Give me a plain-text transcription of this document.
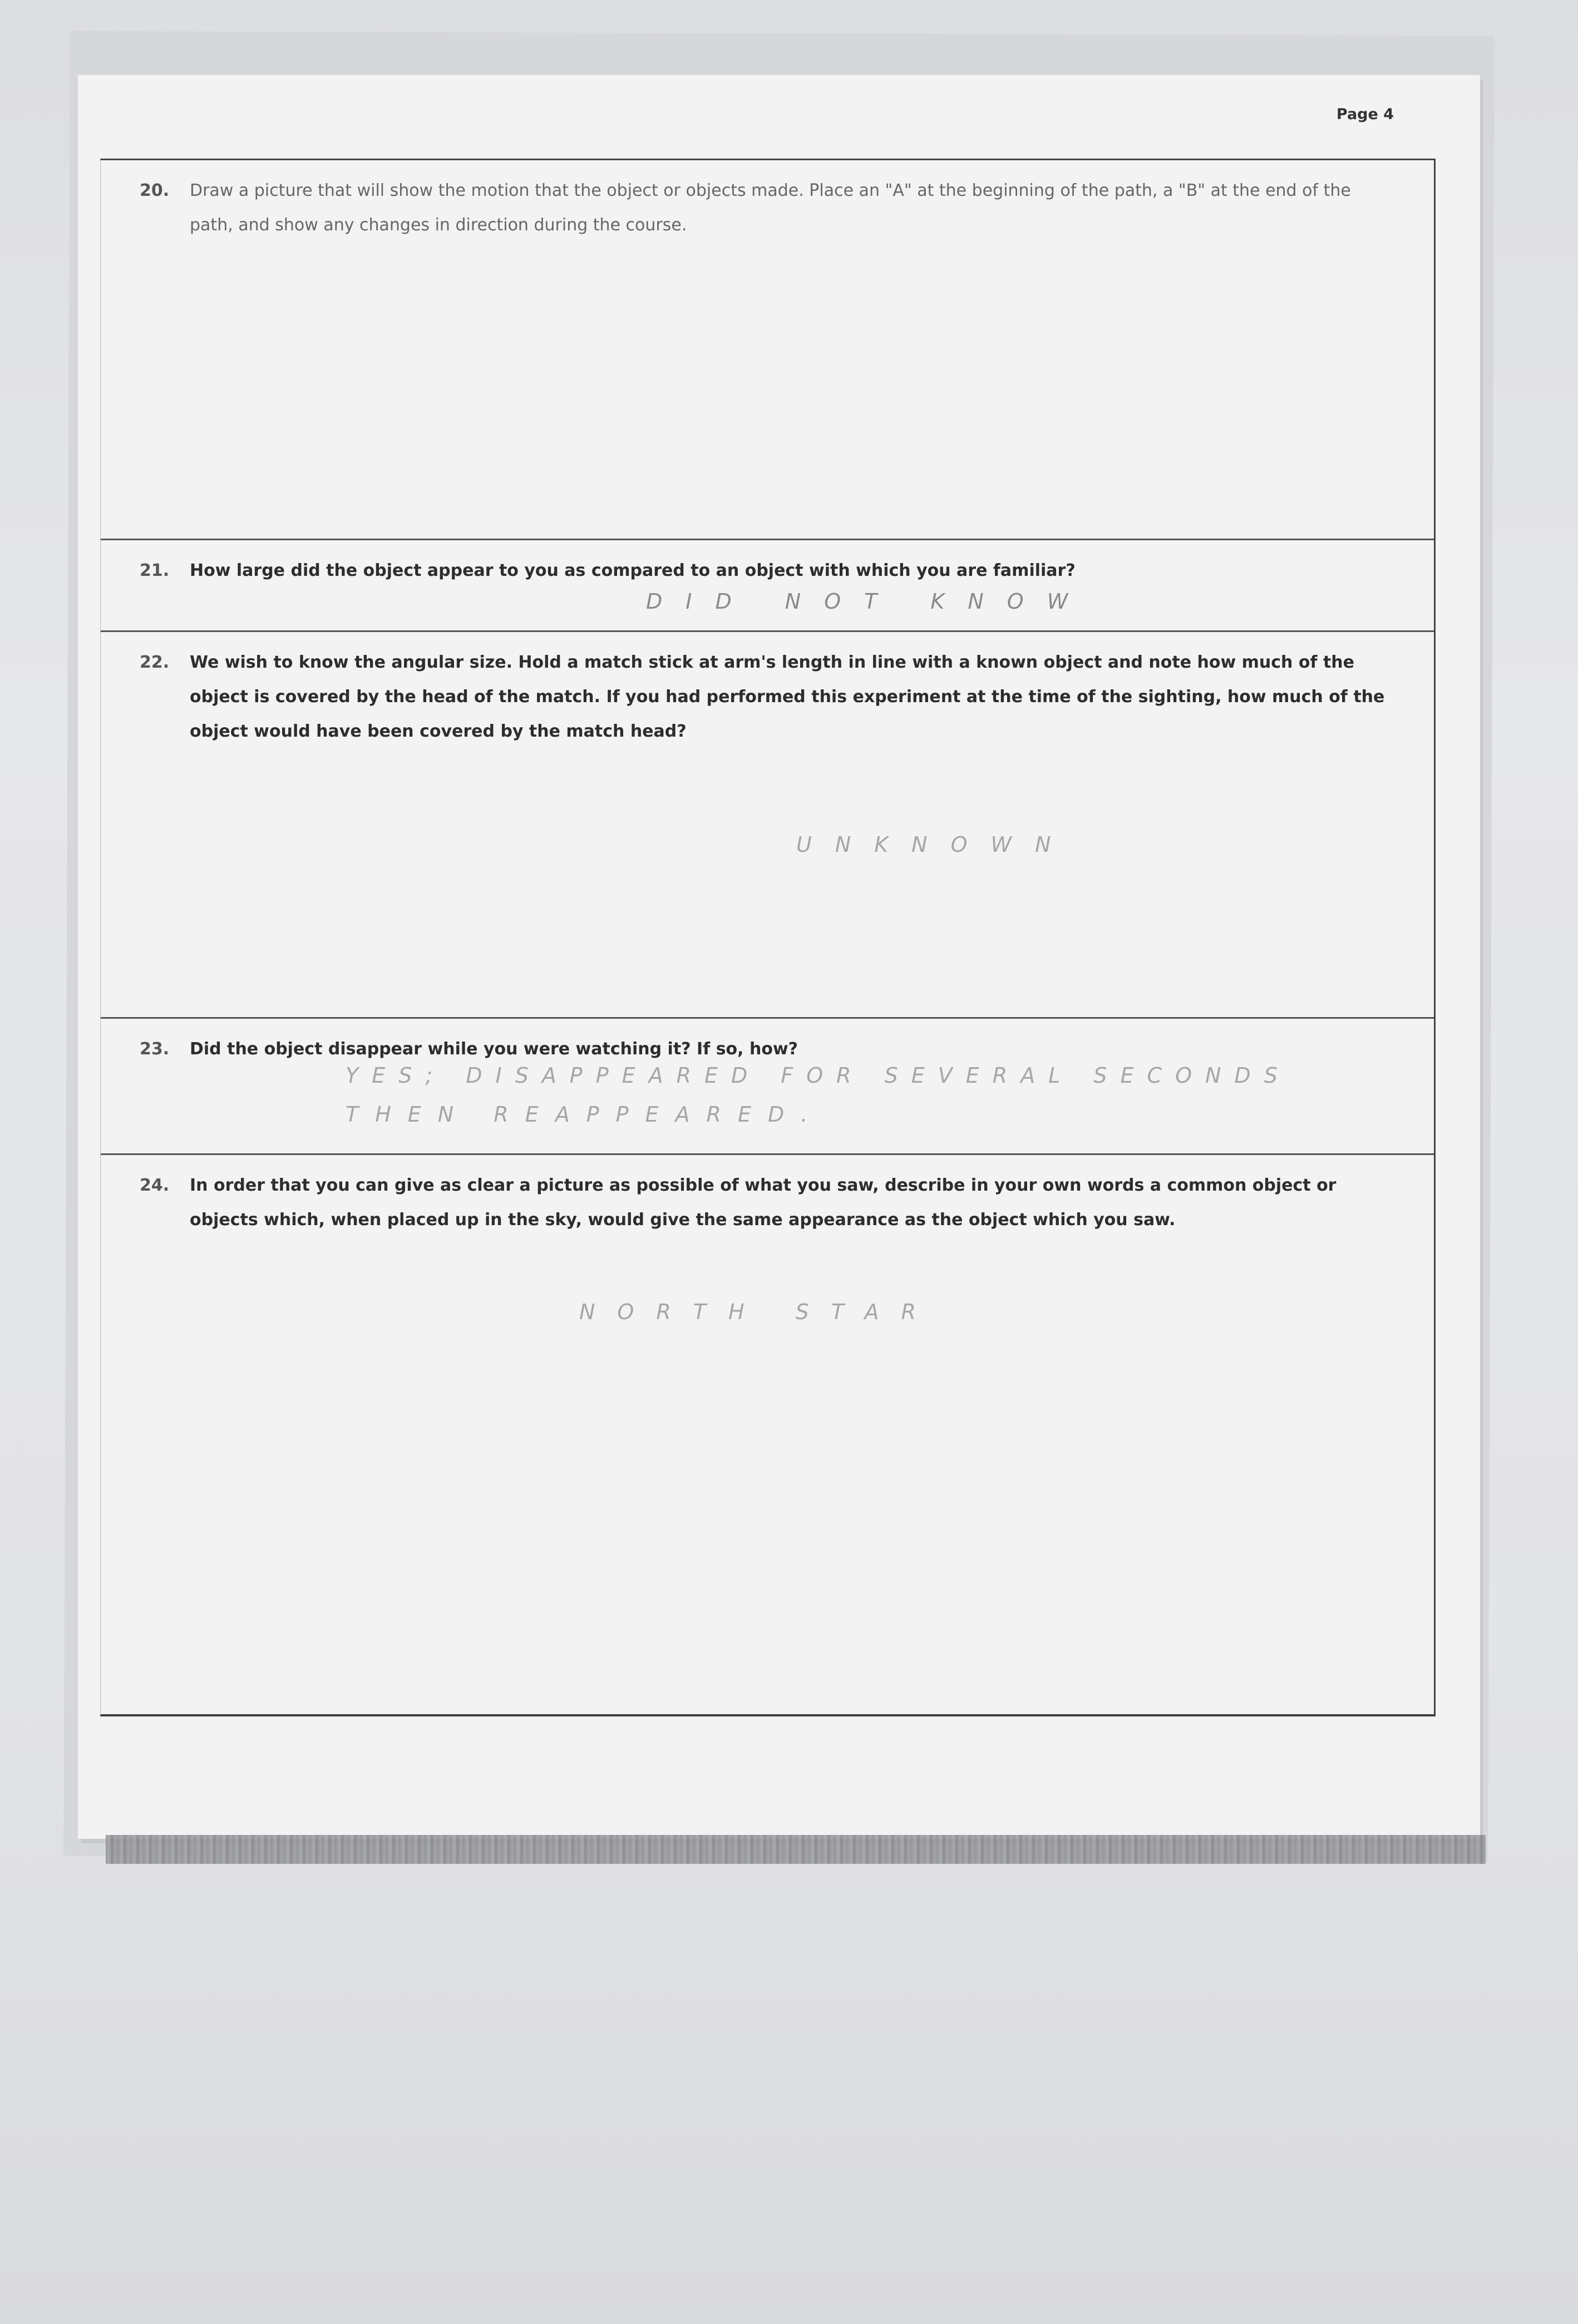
Page 4
20. Draw a picture that will show the motion that the object or objects made. Place an "A" at the beginning of the path, a "B" at the end of the path, and show any changes in direction during the course.
21. How large did the object appear to you as compared to an object with which you are familiar?
DID NOT KNOW
22. We wish to know the angular size. Hold a match stick at arm's length in line with a known object and note how much of the object is covered by the head of the match. If you had performed this experiment at the time of the sighting, how much of the object would have been covered by the match head?
UNKNOWN
23. Did the object disappear while you were watching it? If so, how?
YES; DISAPPEARED FOR SEVERAL SECONDS
THEN REAPPEARED.
24. In order that you can give as clear a picture as possible of what you saw, describe in your own words a common object or objects which, when placed up in the sky, would give the same appearance as the object which you saw.
NORTH STAR
